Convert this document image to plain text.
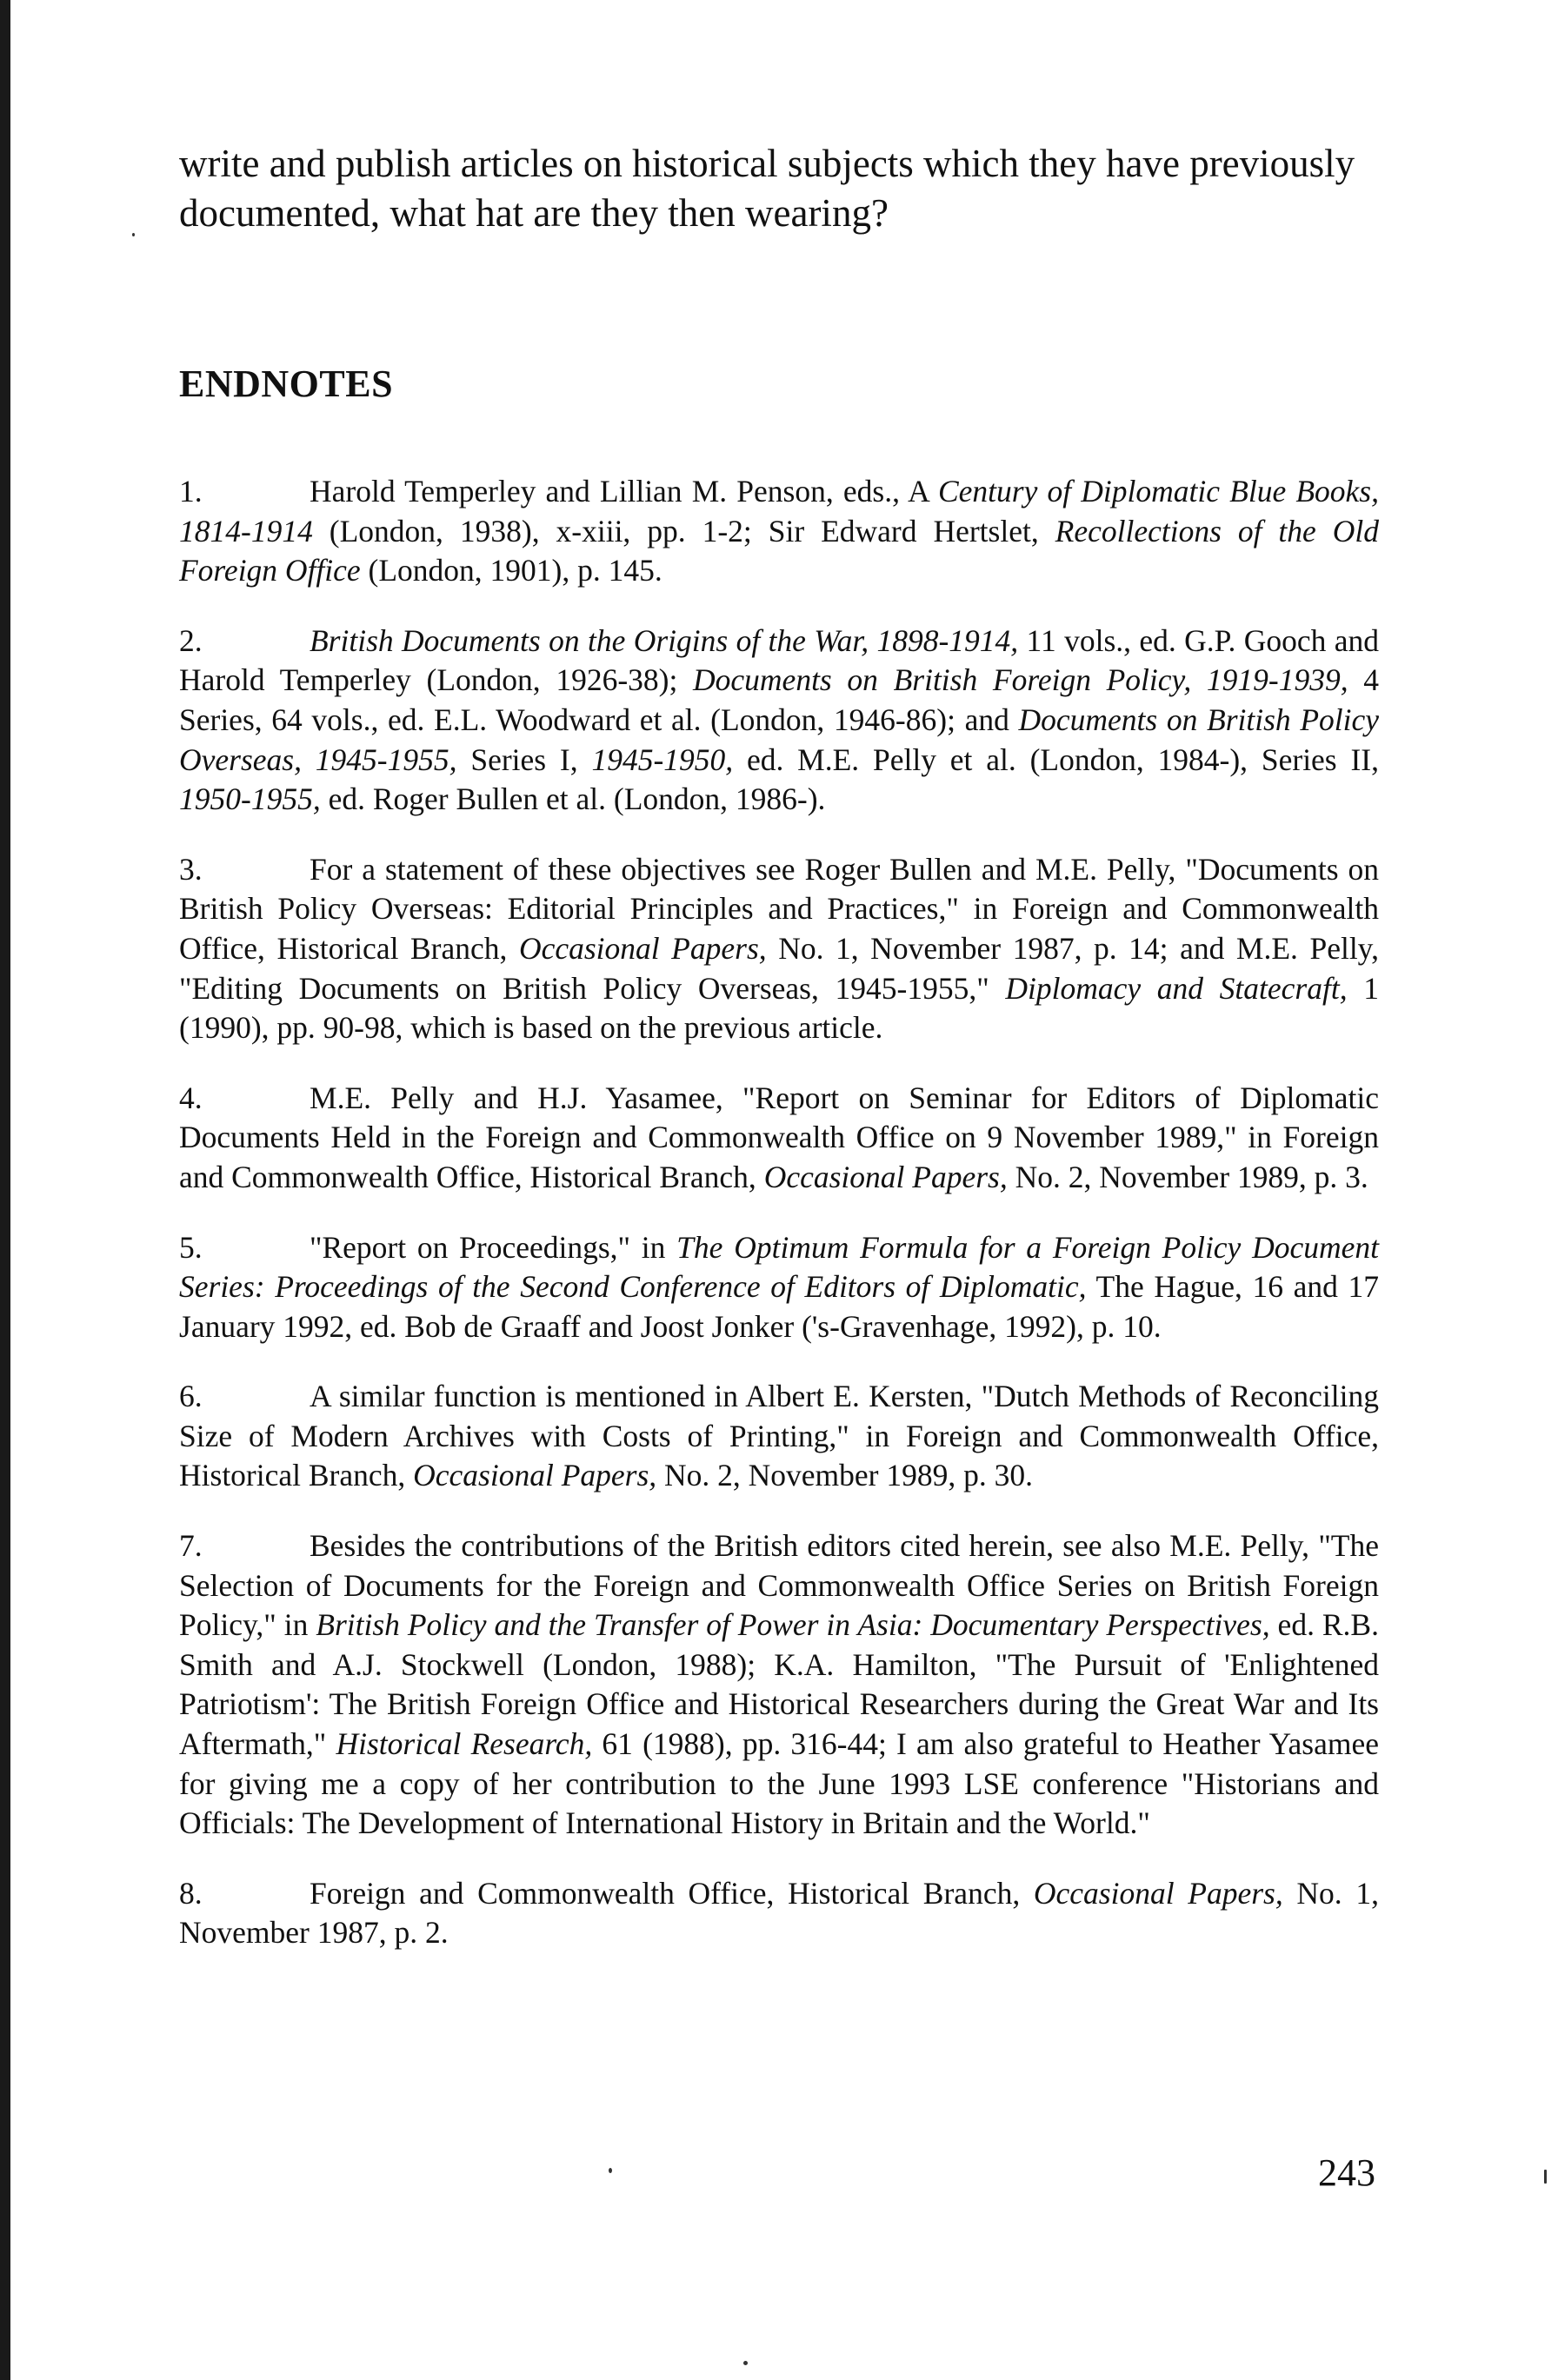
write and publish articles on historical subjects which they have previously documented, what hat are they then wearing?

ENDNOTES

1.	Harold Temperley and Lillian M. Penson, eds., A Century of Diplomatic Blue Books, 1814-1914 (London, 1938), x-xiii, pp. 1-2; Sir Edward Hertslet, Recollections of the Old Foreign Office (London, 1901), p. 145.

2.	British Documents on the Origins of the War, 1898-1914, 11 vols., ed. G.P. Gooch and Harold Temperley (London, 1926-38); Documents on British Foreign Policy, 1919-1939, 4 Series, 64 vols., ed. E.L. Woodward et al. (London, 1946-86); and Documents on British Policy Overseas, 1945-1955, Series I, 1945-1950, ed. M.E. Pelly et al. (London, 1984-), Series II, 1950-1955, ed. Roger Bullen et al. (London, 1986-).

3.	For a statement of these objectives see Roger Bullen and M.E. Pelly, "Documents on British Policy Overseas: Editorial Principles and Practices," in Foreign and Commonwealth Office, Historical Branch, Occasional Papers, No. 1, November 1987, p. 14; and M.E. Pelly, "Editing Documents on British Policy Overseas, 1945-1955," Diplomacy and Statecraft, 1 (1990), pp. 90-98, which is based on the previous article.

4.	M.E. Pelly and H.J. Yasamee, "Report on Seminar for Editors of Diplomatic Documents Held in the Foreign and Commonwealth Office on 9 November 1989," in Foreign and Commonwealth Office, Historical Branch, Occasional Papers, No. 2, November 1989, p. 3.

5.	"Report on Proceedings," in The Optimum Formula for a Foreign Policy Document Series: Proceedings of the Second Conference of Editors of Diplomatic, The Hague, 16 and 17 January 1992, ed. Bob de Graaff and Joost Jonker ('s-Gravenhage, 1992), p. 10.

6.	A similar function is mentioned in Albert E. Kersten, "Dutch Methods of Reconciling Size of Modern Archives with Costs of Printing," in Foreign and Commonwealth Office, Historical Branch, Occasional Papers, No. 2, November 1989, p. 30.

7.	Besides the contributions of the British editors cited herein, see also M.E. Pelly, "The Selection of Documents for the Foreign and Commonwealth Office Series on British Foreign Policy," in British Policy and the Transfer of Power in Asia: Documentary Perspectives, ed. R.B. Smith and A.J. Stockwell (London, 1988); K.A. Hamilton, "The Pursuit of 'Enlightened Patriotism': The British Foreign Office and Historical Researchers during the Great War and Its Aftermath," Historical Research, 61 (1988), pp. 316-44; I am also grateful to Heather Yasamee for giving me a copy of her contribution to the June 1993 LSE conference "Historians and Officials: The Development of International History in Britain and the World."

8.	Foreign and Commonwealth Office, Historical Branch, Occasional Papers, No. 1, November 1987, p. 2.

243
